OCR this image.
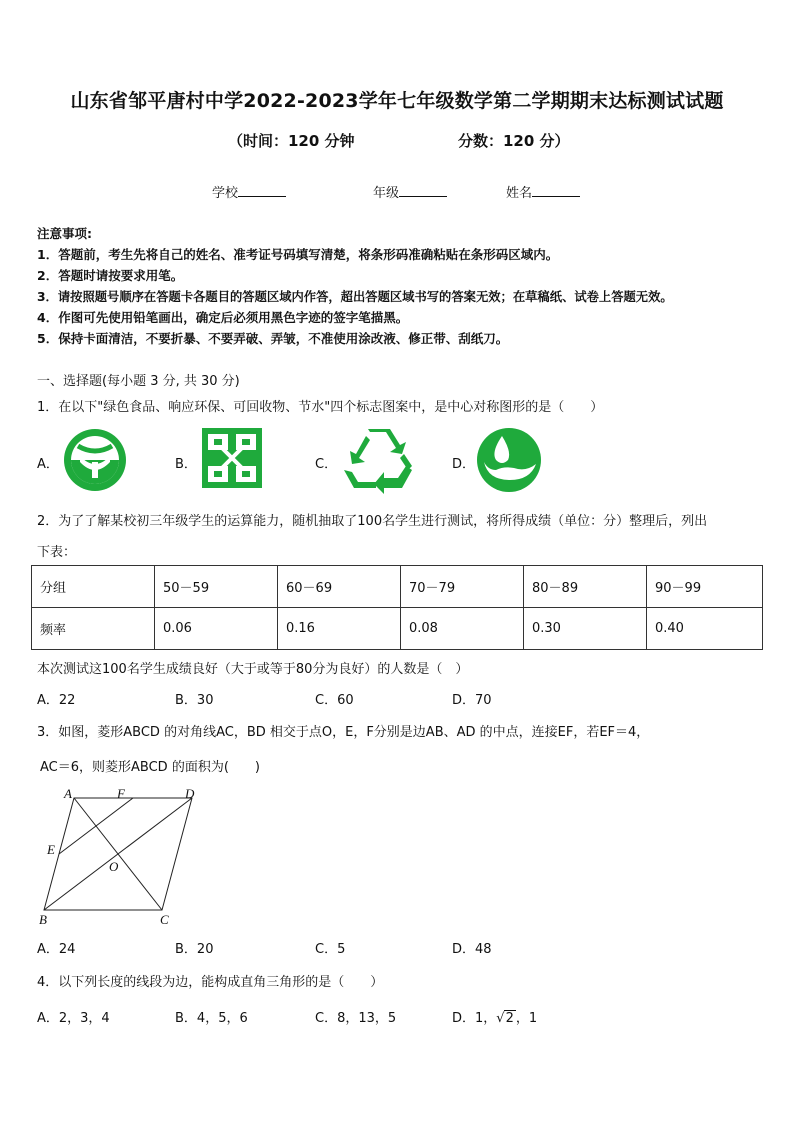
山东省邹平唐村中学2022-2023学年七年级数学第二学期期末达标测试试题
（时间：120 分钟	分数：120 分）
学校	年级	姓名
注意事项:
1．答题前，考生先将自己的姓名、准考证号码填写清楚，将条形码准确粘贴在条形码区域内。
2．答题时请按要求用笔。
3．请按照题号顺序在答题卡各题目的答题区域内作答，超出答题区域书写的答案无效；在草稿纸、试卷上答题无效。
4．作图可先使用铅笔画出，确定后必须用黑色字迹的签字笔描黑。
5．保持卡面清洁，不要折暴、不要弄破、弄皱，不准使用涂改液、修正带、刮纸刀。
一、选择题(每小题 3 分, 共 30 分)
1．在以下"绿色食品、响应环保、可回收物、节水"四个标志图案中，是中心对称图形的是（　　）
A．	B．	C．	D．
2．为了了解某校初三年级学生的运算能力，随机抽取了100名学生进行测试，将所得成绩（单位：分）整理后，列出
下表：
分组	50－59	60－69	70－79	80－89	90－99
频率	0.06	0.16	0.08	0.30	0.40
本次测试这100名学生成绩良好（大于或等于80分为良好）的人数是（　）
A．22	B．30	C．60	D．70
3．如图，菱形ABCD 的对角线AC，BD 相交于点O，E，F分别是边AB、AD 的中点，连接EF，若EF＝4，
AC＝6，则菱形ABCD 的面积为(　　)
A	F	D
E
O
B	C
A．24	B．20	C．5	D．48
4．以下列长度的线段为边，能构成直角三角形的是（　　）
A．2，3，4	B．4，5，6	C．8，13，5	D．1，√2 ，1
